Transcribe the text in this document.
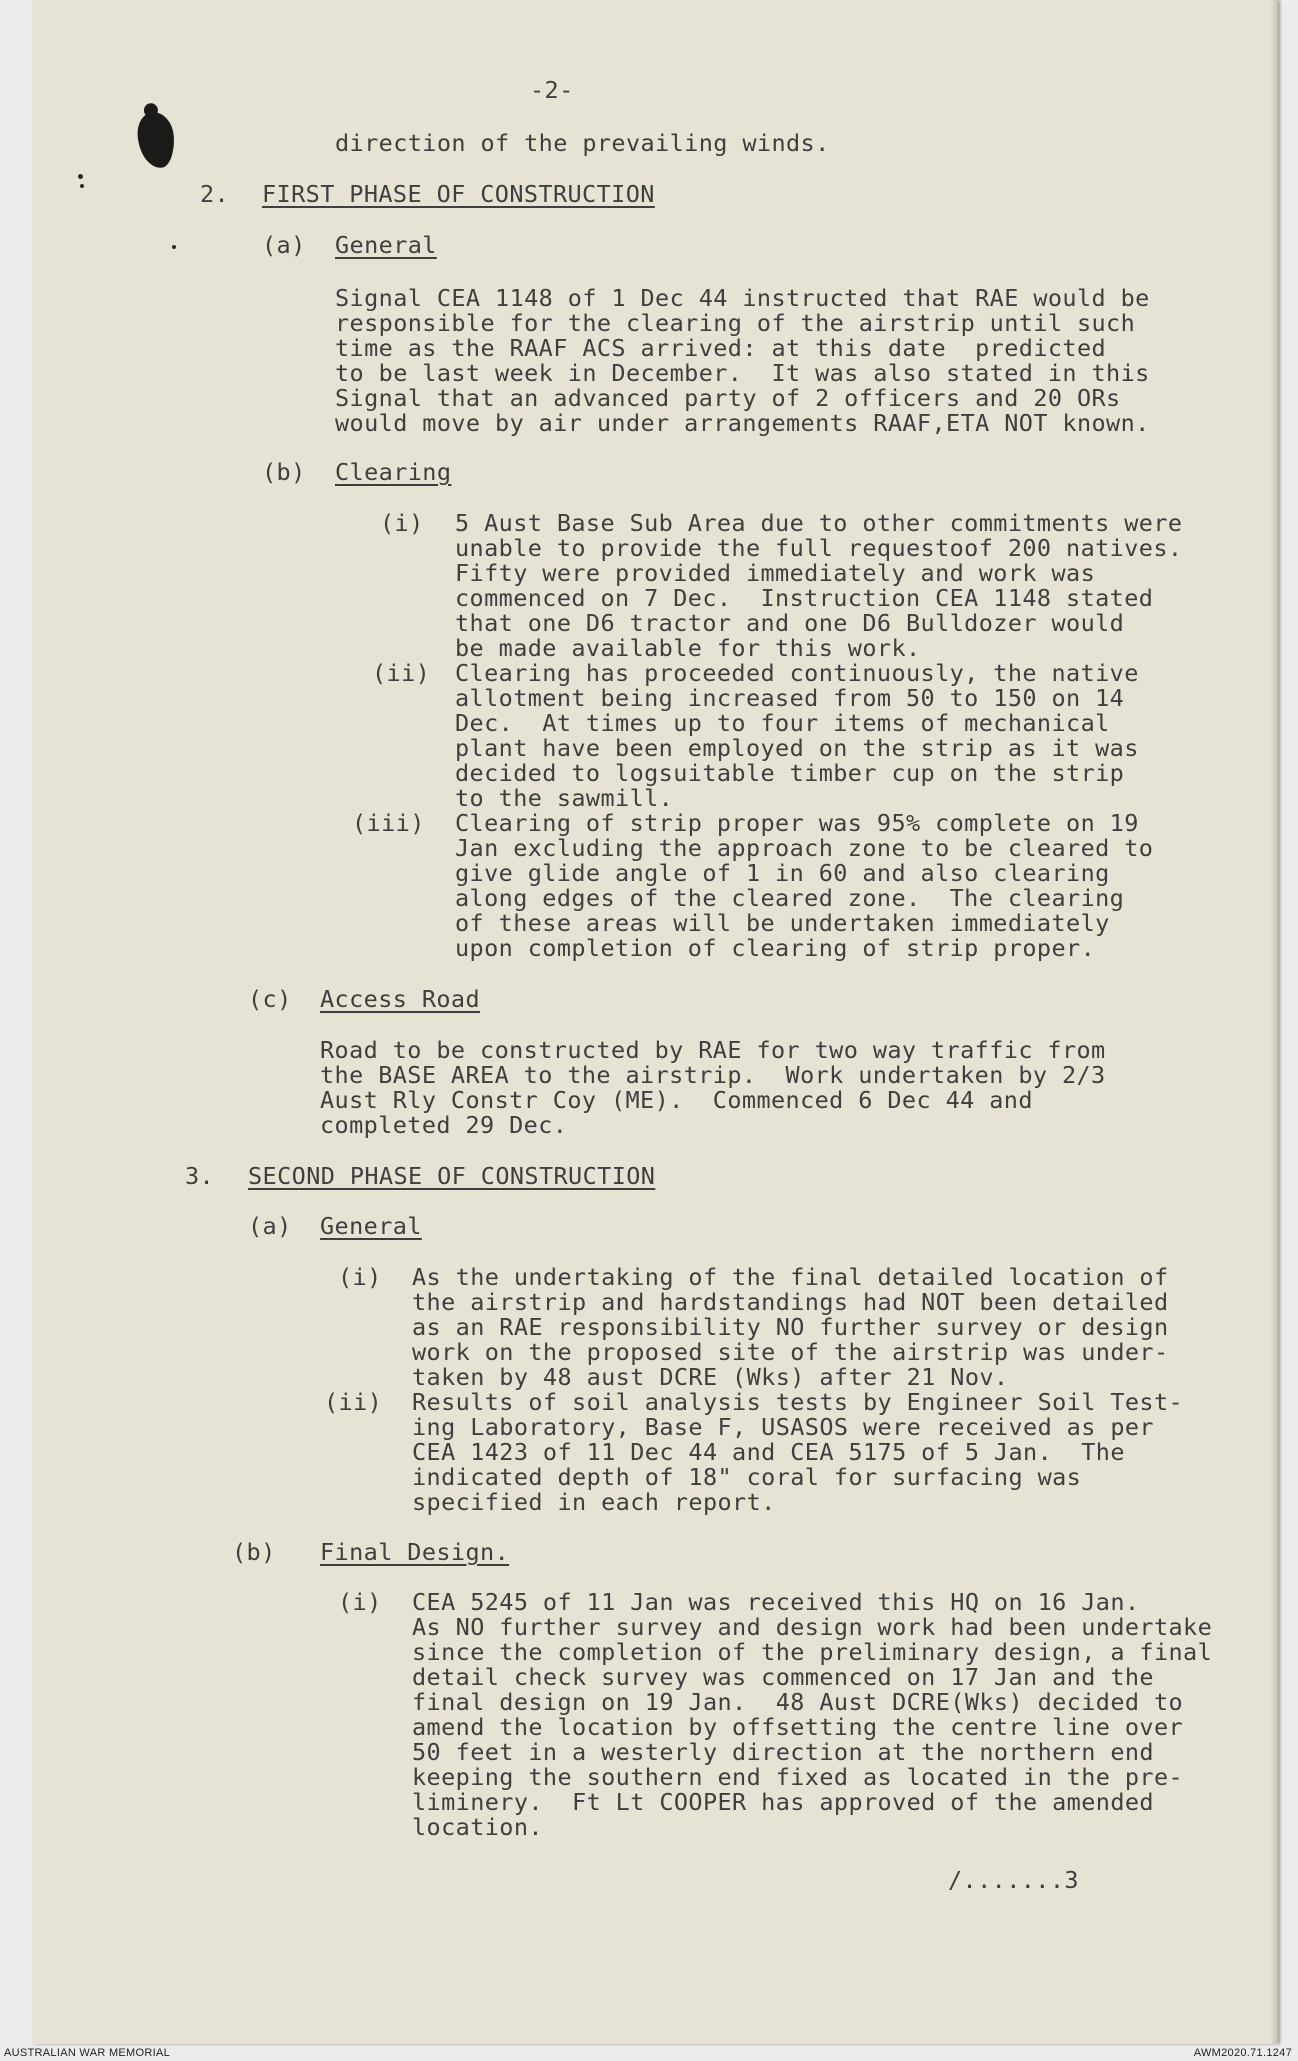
-2-
direction of the prevailing winds.
2. FIRST PHASE OF CONSTRUCTION
(a) General
Signal CEA 1148 of 1 Dec 44 instructed that RAE would be
responsible for the clearing of the airstrip until such
time as the RAAF ACS arrived: at this date  predicted
to be last week in December.  It was also stated in this
Signal that an advanced party of 2 officers and 20 ORs
would move by air under arrangements RAAF,ETA NOT known.
(b) Clearing
(i) 5 Aust Base Sub Area due to other commitments were
unable to provide the full requestoof 200 natives.
Fifty were provided immediately and work was
commenced on 7 Dec.  Instruction CEA 1148 stated
that one D6 tractor and one D6 Bulldozer would
be made available for this work.
(ii) Clearing has proceeded continuously, the native
allotment being increased from 50 to 150 on 14
Dec.  At times up to four items of mechanical
plant have been employed on the strip as it was
decided to logsuitable timber cup on the strip
to the sawmill.
(iii) Clearing of strip proper was 95% complete on 19
Jan excluding the approach zone to be cleared to
give glide angle of 1 in 60 and also clearing
along edges of the cleared zone.  The clearing
of these areas will be undertaken immediately
upon completion of clearing of strip proper.
(c) Access Road
Road to be constructed by RAE for two way traffic from
the BASE AREA to the airstrip.  Work undertaken by 2/3
Aust Rly Constr Coy (ME).  Commenced 6 Dec 44 and
completed 29 Dec.
3. SECOND PHASE OF CONSTRUCTION
(a) General
(i) As the undertaking of the final detailed location of
the airstrip and hardstandings had NOT been detailed
as an RAE responsibility NO further survey or design
work on the proposed site of the airstrip was under-
taken by 48 aust DCRE (Wks) after 21 Nov.
(ii) Results of soil analysis tests by Engineer Soil Test-
ing Laboratory, Base F, USASOS were received as per
CEA 1423 of 11 Dec 44 and CEA 5175 of 5 Jan.  The
indicated depth of 18" coral for surfacing was
specified in each report.
(b) Final Design.
(i) CEA 5245 of 11 Jan was received this HQ on 16 Jan.
As NO further survey and design work had been undertake
since the completion of the preliminary design, a final
detail check survey was commenced on 17 Jan and the
final design on 19 Jan.  48 Aust DCRE(Wks) decided to
amend the location by offsetting the centre line over
50 feet in a westerly direction at the northern end
keeping the southern end fixed as located in the pre-
liminery.  Ft Lt COOPER has approved of the amended
location.
/.......3
AUSTRALIAN WAR MEMORIAL	AWM2020.71.1247
